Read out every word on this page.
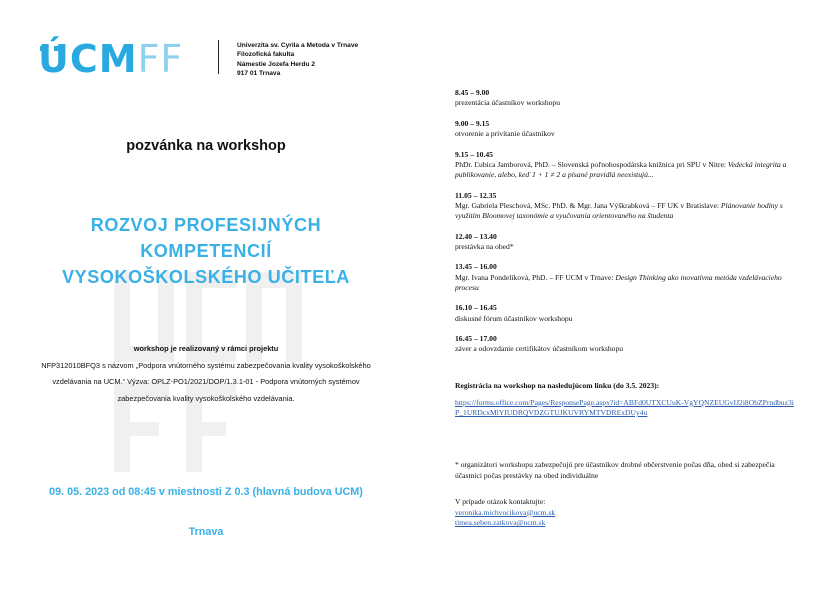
ÚCMFF	Univerzita sv. Cyrila a Metoda v Trnave
Filozofická fakulta
Námestie Jozefa Herdu 2
917 01 Trnava
pozvánka na workshop
ROZVOJ PROFESIJNÝCH
KOMPETENCIÍ
VYSOKOŠKOLSKÉHO UČITEĽA
workshop je realizovaný v rámci projektu
NFP312010BFQ3 s názvom „Podpora vnútorného systému zabezpečovania kvality vysokoškolského vzdelávania na UCM.“ Výzva: OPLZ-PO1/2021/DOP/1.3.1-01 - Podpora vnútorných systémov zabezpečovania kvality vysokoškolského vzdelávania.
09. 05. 2023 od 08:45 v miestnosti Z 0.3 (hlavná budova UCM)
Trnava
8.45 – 9.00
prezentácia účastníkov workshopu
9.00 – 9.15
otvorenie a privítanie účastníkov
9.15 – 10.45
PhDr. Ľubica Jamborová, PhD. – Slovenská poľnohospodárska knižnica pri SPU v Nitre: Vedecká integrita a publikovanie, alebo, keď 1 + 1 ≠ 2 a písané pravidlá neexistujú...
11.05 – 12.35
Mgr. Gabriela Pleschová, MSc. PhD. & Mgr. Jana Výškrabková – FF UK v Bratislave: Plánovanie hodiny s využitím Bloomovej taxonómie a vyučovania orientovaného na študenta
12.40 – 13.40
prestávka na obed*
13.45 – 16.00
Mgr. Ivana Pondelíková, PhD. – FF UCM v Trnave: Design Thinking ako inovatívna metóda vzdelávacieho procesu
16.10 – 16.45
diskusné fórum účastníkov workshopu
16.45 – 17.00
záver a odovzdanie certifikátov účastníkom workshopu
Registrácia na workshop na nasledujúcom linku (do 3.5. 2023):
https://forms.office.com/Pages/ResponsePage.aspx?id=ABFd0UTXCUuK-VgYQNZEUGvIJ2i8ObZPrndbuz3iP_1URDcxMlYIUDRQVDZGTUJKUVRYMTVDRExDUy4u
* organizátori workshopu zabezpečujú pre účastníkov drobné občerstvenie počas dňa, obed si zabezpečia účastníci počas prestávky na obed individuálne
V prípade otázok kontaktujte:
veronika.michvocikova@ucm.sk
timea.seben.zatkova@ucm.sk
